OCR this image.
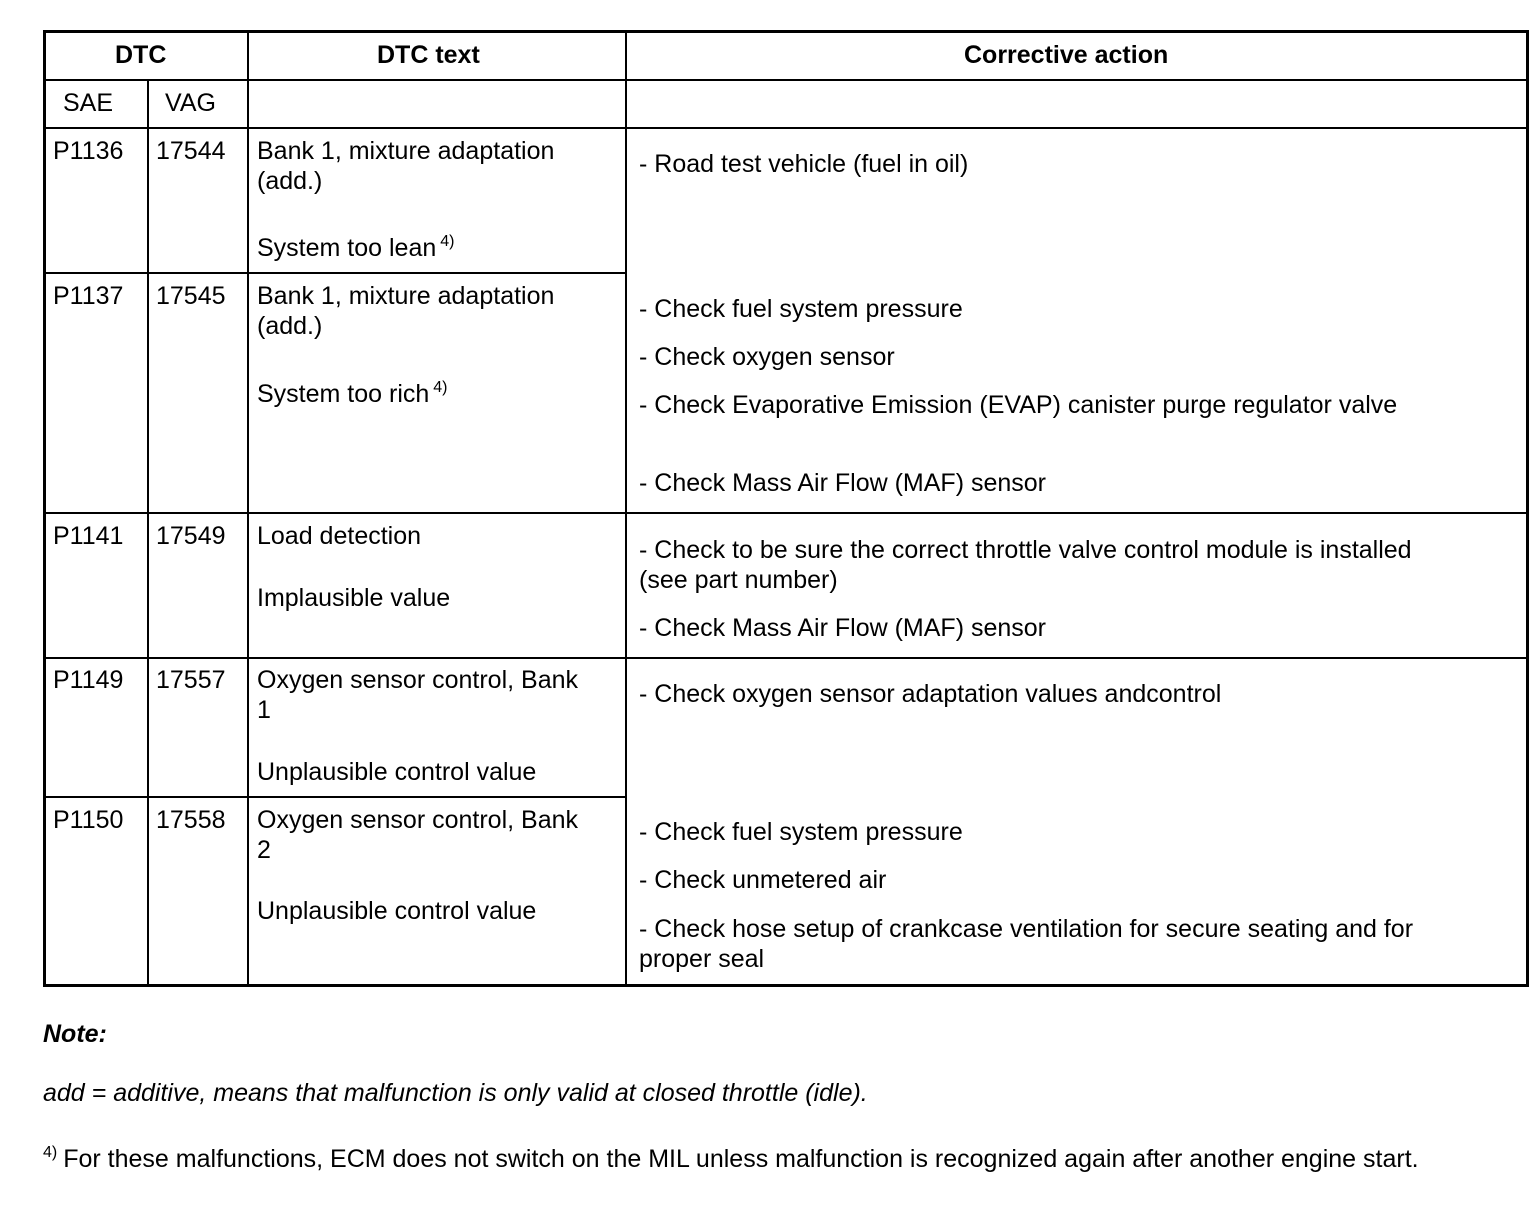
DTC	DTC text	Corrective action
SAE VAG
P1136 17544 Bank 1, mixture adaptation
(add.)
System too lean $^{4)}$
P1137 17545 Bank 1, mixture adaptation
(add.)
System too rich $^{4)}$
P1141 17549 Load detection
Implausible value
P1149 17557 Oxygen sensor control, Bank
1
Unplausible control value
P1150 17558 Oxygen sensor control, Bank
2
Unplausible control value
- Road test vehicle (fuel in oil)
- Check fuel system pressure
- Check oxygen sensor
- Check Evaporative Emission (EVAP) canister purge regulator valve
- Check Mass Air Flow (MAF) sensor
- Check to be sure the correct throttle valve control module is installed
(see part number)
- Check Mass Air Flow (MAF) sensor
- Check oxygen sensor adaptation values andcontrol
- Check fuel system pressure
- Check unmetered air
- Check hose setup of crankcase ventilation for secure seating and for
proper seal
Note:
add = additive, means that malfunction is only valid at closed throttle (idle).
$^{4)}$ For these malfunctions, ECM does not switch on the MIL unless malfunction is recognized again after another engine start.
